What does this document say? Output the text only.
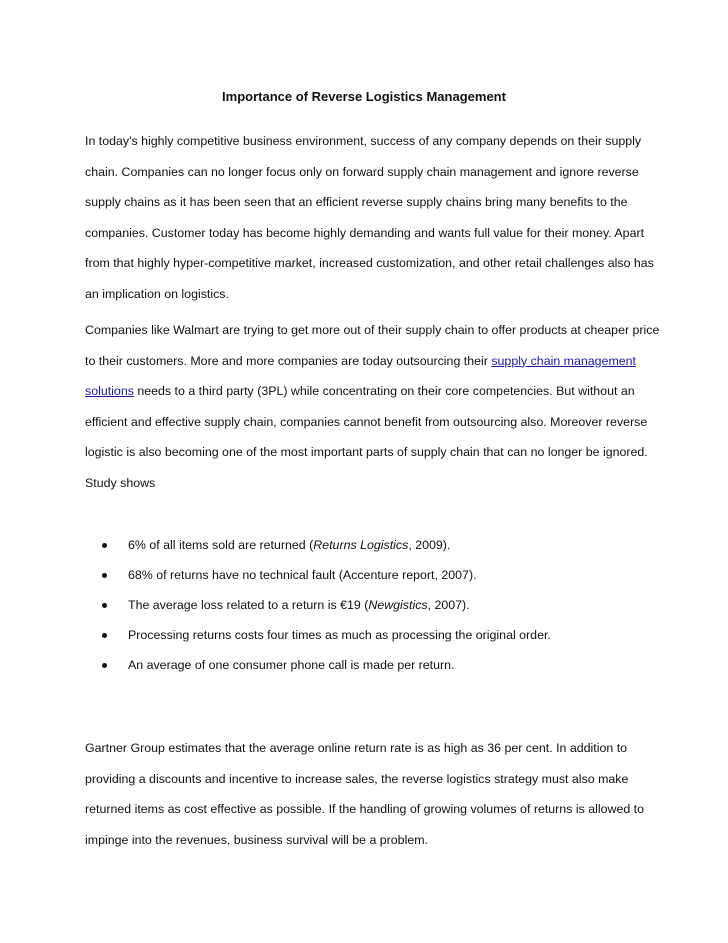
Importance of Reverse Logistics Management
In today's highly competitive business environment, success of any company depends on their supply
chain. Companies can no longer focus only on forward supply chain management and ignore reverse
supply chains as it has been seen that an efficient reverse supply chains bring many benefits to the
companies. Customer today has become highly demanding and wants full value for their money. Apart
from that highly hyper-competitive market, increased customization, and other retail challenges also has
an implication on logistics.
Companies like Walmart are trying to get more out of their supply chain to offer products at cheaper price
to their customers. More and more companies are today outsourcing their supply chain management
solutions needs to a third party (3PL) while concentrating on their core competencies. But without an
efficient and effective supply chain, companies cannot benefit from outsourcing also. Moreover reverse
logistic is also becoming one of the most important parts of supply chain that can no longer be ignored.
Study shows
6% of all items sold are returned (Returns Logistics, 2009).
68% of returns have no technical fault (Accenture report, 2007).
The average loss related to a return is €19 (Newgistics, 2007).
Processing returns costs four times as much as processing the original order.
An average of one consumer phone call is made per return.
Gartner Group estimates that the average online return rate is as high as 36 per cent. In addition to
providing a discounts and incentive to increase sales, the reverse logistics strategy must also make
returned items as cost effective as possible. If the handling of growing volumes of returns is allowed to
impinge into the revenues, business survival will be a problem.
